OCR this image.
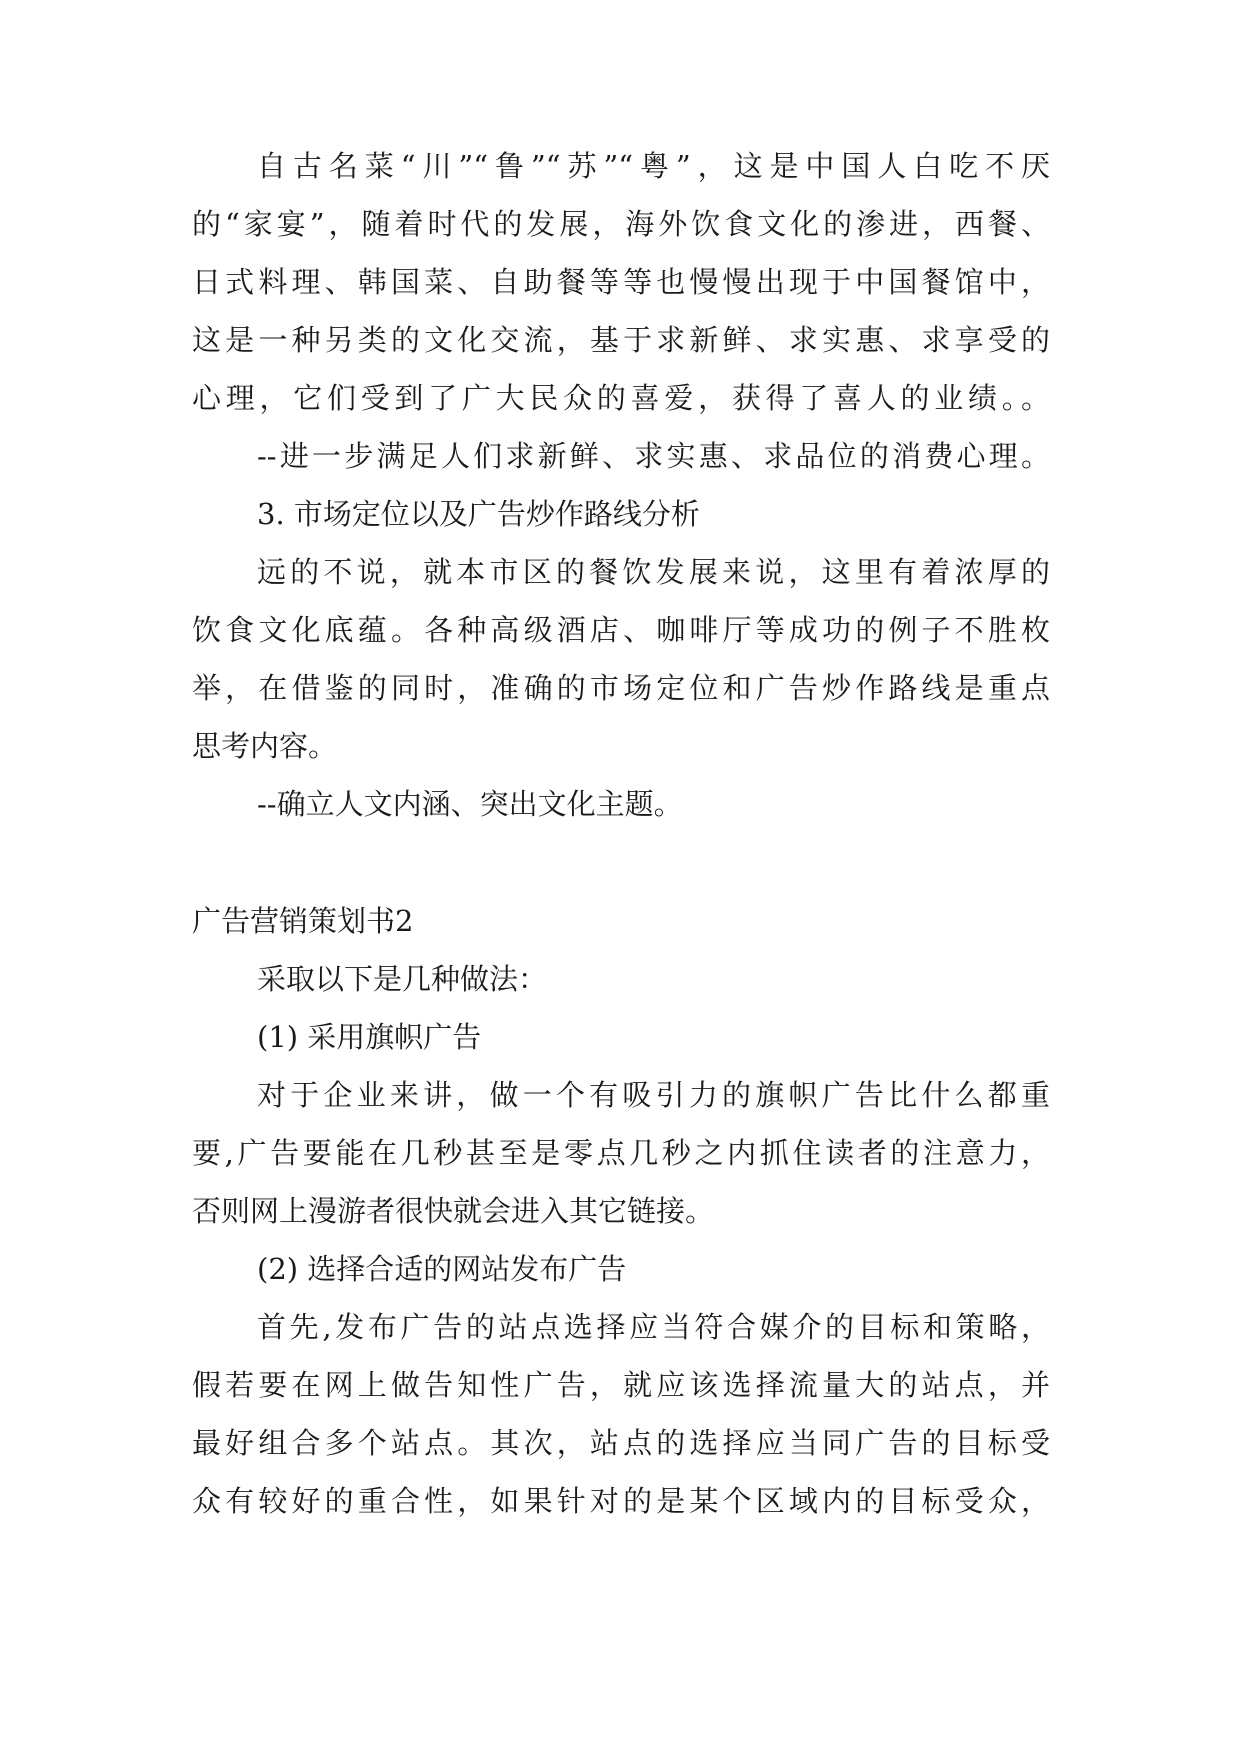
自古名菜“川”“鲁”“苏”“粤”，这是中国人白吃不厌
的“家宴”，随着时代的发展，海外饮食文化的渗进，西餐、
日式料理、韩国菜、自助餐等等也慢慢出现于中国餐馆中，
这是一种另类的文化交流，基于求新鲜、求实惠、求享受的
心理，它们受到了广大民众的喜爱，获得了喜人的业绩。。
--进一步满足人们求新鲜、求实惠、求品位的消费心理。
3. 市场定位以及广告炒作路线分析
远的不说，就本市区的餐饮发展来说，这里有着浓厚的
饮食文化底蕴。各种高级酒店、咖啡厅等成功的例子不胜枚
举，在借鉴的同时，准确的市场定位和广告炒作路线是重点
思考内容。
--确立人文内涵、突出文化主题。
广告营销策划书2
采取以下是几种做法：
(1) 采用旗帜广告
对于企业来讲，做一个有吸引力的旗帜广告比什么都重
要,广告要能在几秒甚至是零点几秒之内抓住读者的注意力，
否则网上漫游者很快就会进入其它链接。
(2) 选择合适的网站发布广告
首先,发布广告的站点选择应当符合媒介的目标和策略，
假若要在网上做告知性广告，就应该选择流量大的站点，并
最好组合多个站点。其次，站点的选择应当同广告的目标受
众有较好的重合性，如果针对的是某个区域内的目标受众，
